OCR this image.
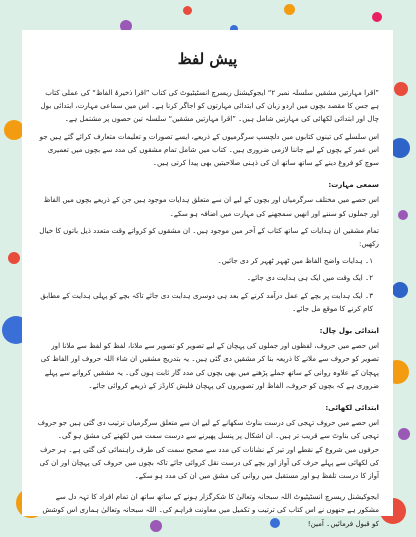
پیش لفظ

”اقرا مہارتیں مشقیں سلسلہ نمبر ۲“ ایجوکیشنل ریسرچ انسٹیٹیوٹ کی کتاب ”اقرا ذخیرۂ الفاظ“ کی عملی کتاب ہے جس کا مقصد بچوں میں اردو زبان کی ابتدائی مہارتوں کو اجاگر کرنا ہے۔ اس میں سماعی مہارت، ابتدائی بول چال اور ابتدائی لکھائی کی مہارتیں شامل ہیں۔ ”اقرا مہارتیں مشقیں“ سلسلہ تین حصوں پر مشتمل ہے۔

اس سلسلے کی تینوں کتابوں میں دلچسپ سرگرمیوں کے ذریعے، ایسے تصورات و تعلیمات متعارف کرائے گئے ہیں جو اس عمر کے بچوں کے لیے جاننا لازمی ضروری ہیں۔ کتاب میں شامل تمام مشقوں کی مدد سے بچوں میں تعمیری سوچ کو فروغ دینے کے ساتھ ساتھ ان کی ذہنی صلاحیتیں بھی پیدا کرتی ہیں۔

سمعی مہارت:

اس حصے میں مختلف سرگرمیاں اور بچوں کے لیے ان سے متعلق ہدایات موجود ہیں جن کے ذریعے بچوں میں الفاظ اور جملوں کو سننے اور انھیں سمجھنے کی مہارت میں اضافہ ہو سکے۔

تمام مشقیں ان ہدایات کے ساتھ کتاب کے آخر میں موجود ہیں۔ ان مشقوں کو کرواتے وقت متعدد ذیل باتوں کا خیال رکھیں:

۱۔ ہدایات واضح الفاظ میں ٹھہر ٹھہر کر دی جائیں۔

۲۔ ایک وقت میں ایک ہی ہدایت دی جائے۔

۳۔ ایک ہدایت پر بچے کے عمل درآمد کرنے کے بعد ہی دوسری ہدایت دی جائے تاکہ بچے کو پہلی ہدایت کے مطابق کام کرنے کا موقع مل جائے۔

ابتدائی بول چال:

اس حصے میں حروف، لفظوں اور جملوں کی پہچان کے لیے تصویر کو تصویر سے ملانا، لفظ کو لفظ سے ملانا اور تصویر کو حروف سے ملانے کا ذریعہ بنا کر مشقیں دی گئی ہیں۔ یہ بتدریج مشقیں ان شاء اللہ حروف اور الفاظ کی پہچان کے علاوہ روانی کے ساتھ جملے پڑھنے میں بھی بچوں کی مدد گار ثابت ہوں گی۔ یہ مشقیں کروانے سے پہلے ضروری ہے کہ بچوں کو حروف، الفاظ اور تصویروں کی پہچان فلیش کارڈز کے ذریعے کروائی جائے۔

ابتدائی لکھائی:

اس حصے میں حروف تہجی کی درست بناوٹ سکھانے کے لیے ان سے متعلق سرگرمیاں ترتیب دی گئی ہیں جو حروف تہجی کی بناوٹ سے قریب تر ہیں۔ ان اشکال پر پنسل پھیرنے سے درست سمت میں لکھنے کی مشق ہو گی۔ حرفوں میں شروع کے نقطے اور تیر کے نشانات کی مدد سے صحیح سمت کی طرف راہنمائی کی گئی ہے۔ ہر حرف کی لکھائی سے پہلے حرف کی آواز اور بچے کی درست نقل کروائی جائے تاکہ بچوں میں حروف کی پہچان اور ان کی آواز کا درست تلفظ ہو اور مستقبل میں روانی کی مشق میں ان کی مدد ہو سکے۔

ایجوکیشنل ریسرچ انسٹیٹیوٹ اللہ سبحانہ وتعالیٰ کا شکرگزار ہونے کے ساتھ ساتھ ان تمام افراد کا تہہ دل سے مشکور ہے جنھوں نے اس کتاب کی ترتیب و تکمیل میں معاونت فراہم کی۔ اللہ سبحانہ وتعالیٰ ہماری اس کوشش کو قبول فرمائیں۔ آمین!
